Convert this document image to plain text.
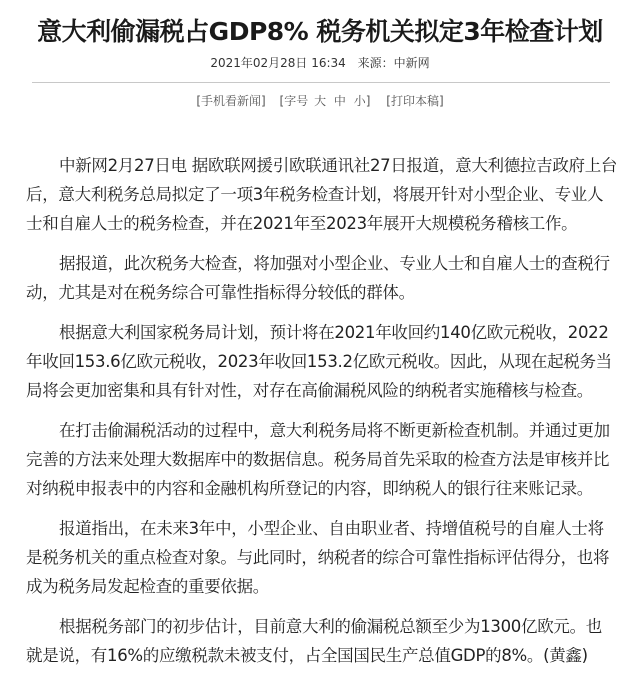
意大利偷漏税占GDP8% 税务机关拟定3年检查计划
2021年02月28日 16:34 来源：中新网
[手机看新闻] [字号 大 中 小] [打印本稿]

中新网2月27日电 据欧联网援引欧联通讯社27日报道，意大利德拉吉政府上台后，意大利税务总局拟定了一项3年税务检查计划，将展开针对小型企业、专业人士和自雇人士的税务检查，并在2021年至2023年展开大规模税务稽核工作。

据报道，此次税务大检查，将加强对小型企业、专业人士和自雇人士的查税行动，尤其是对在税务综合可靠性指标得分较低的群体。

根据意大利国家税务局计划，预计将在2021年收回约140亿欧元税收，2022年收回153.6亿欧元税收，2023年收回153.2亿欧元税收。因此，从现在起税务当局将会更加密集和具有针对性，对存在高偷漏税风险的纳税者实施稽核与检查。

在打击偷漏税活动的过程中，意大利税务局将不断更新检查机制。并通过更加完善的方法来处理大数据库中的数据信息。税务局首先采取的检查方法是审核并比对纳税申报表中的内容和金融机构所登记的内容，即纳税人的银行往来账记录。

报道指出，在未来3年中，小型企业、自由职业者、持增值税号的自雇人士将是税务机关的重点检查对象。与此同时，纳税者的综合可靠性指标评估得分，也将成为税务局发起检查的重要依据。

根据税务部门的初步估计，目前意大利的偷漏税总额至少为1300亿欧元。也就是说，有16%的应缴税款未被支付，占全国国民生产总值GDP的8%。(黄鑫)
